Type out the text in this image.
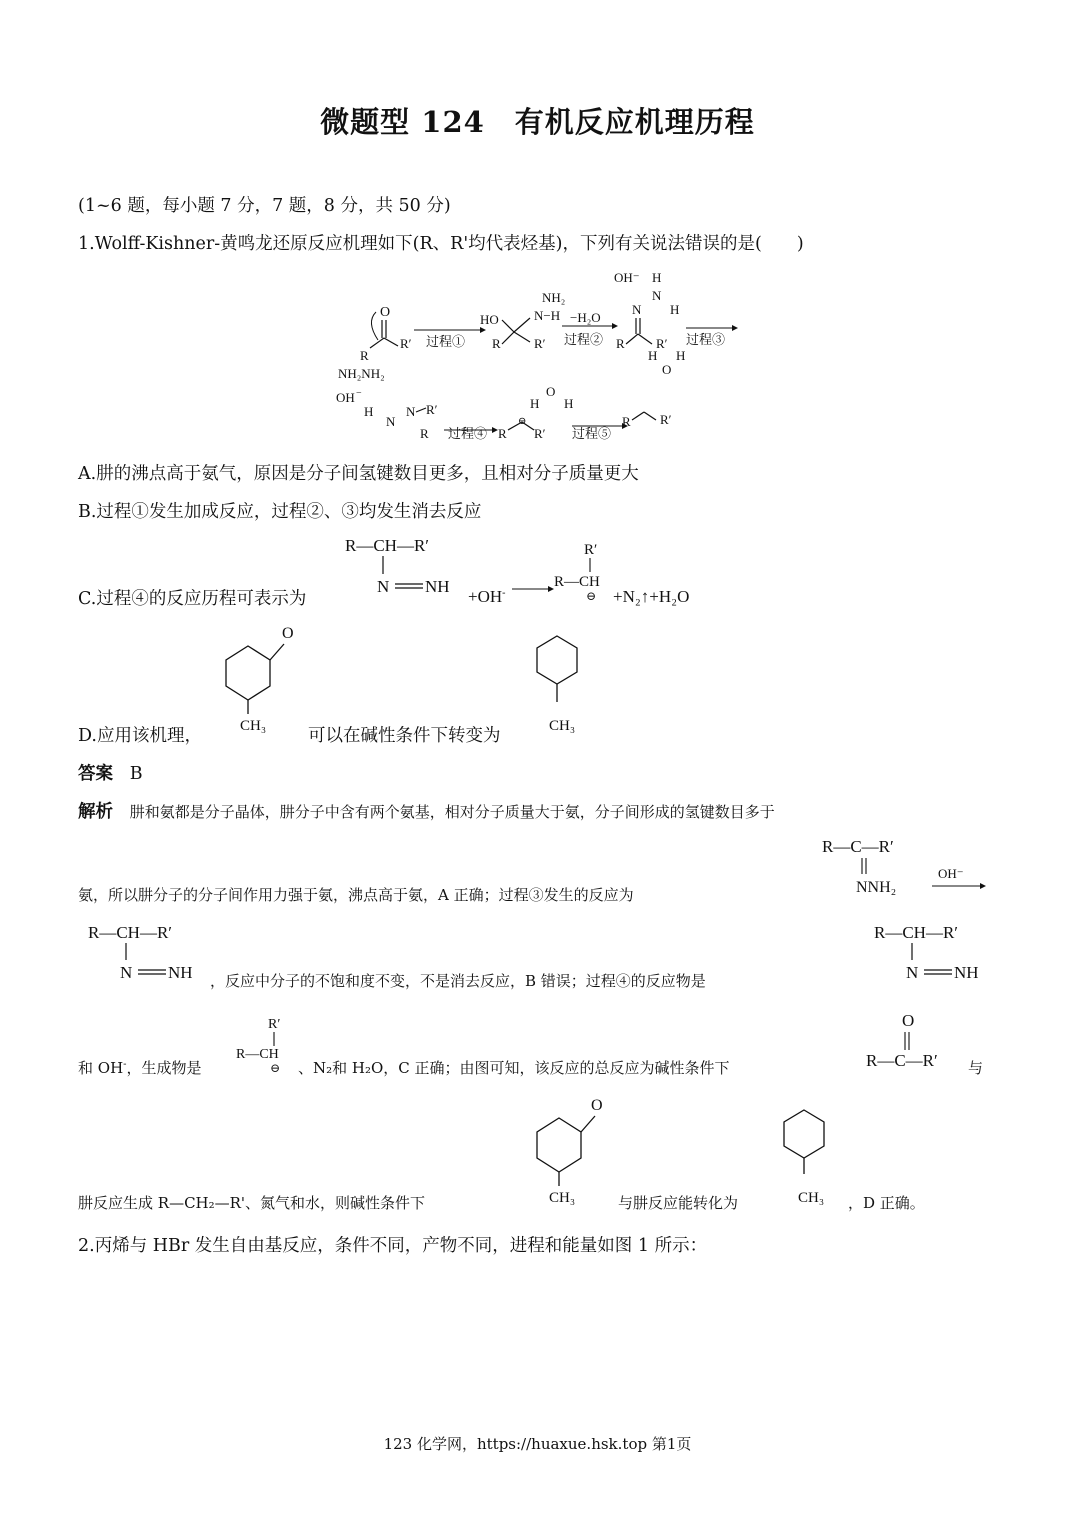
微题型 124　有机反应机理历程
(1~6 题，每小题 7 分，7 题，8 分，共 50 分)
1.Wolff-Kishner-黄鸣龙还原反应机理如下(R、R'均代表烃基)，下列有关说法错误的是(　　)
O
R
R′
NH₂NH₂
过程①
HO
R	R′
N−H
NH₂
−H₂O
过程②
OH⁻ H
N
H
N
R R′
H H
O
过程③
OH −
H
N
N R′
R 过程④ R R′
⊖
H
O
H
过程⑤
R R′
A.肼的沸点高于氨气，原因是分子间氢键数目更多，且相对分子质量更大
B.过程①发生加成反应，过程②、③均发生消去反应
C.过程④的反应历程可表示为
R—CH—R′
N NH
+OH-
R′
R—CH
⊖ +N₂↑+H₂O
D.应用该机理，
O
CH₃ 可以在碱性条件下转变为	CH₃
答案 B
解析 肼和氨都是分子晶体，肼分子中含有两个氨基，相对分子质量大于氨，分子间形成的氢键数目多于
R—C—R′
NNH₂
氨，所以肼分子的分子间作用力强于氨，沸点高于氨，A 正确；过程③发生的反应为
OH⁻
R—CH—R′
N NH ，反应中分子的不饱和度不变，不是消去反应，B 错误；过程④的反应物是
R—CH—R′
N NH
和 OH-，生成物是
R′
R—CH
⊖ 、N₂和 H₂O，C 正确；由图可知，该反应的总反应为碱性条件下
O
R—C—R′ 与
肼反应生成 R—CH₂—R'、氮气和水，则碱性条件下
O
CH₃	与肼反应能转化为	CH₃ ，D 正确。
2.丙烯与 HBr 发生自由基反应，条件不同，产物不同，进程和能量如图 1 所示：
123 化学网，https://huaxue.hsk.top 第1页
